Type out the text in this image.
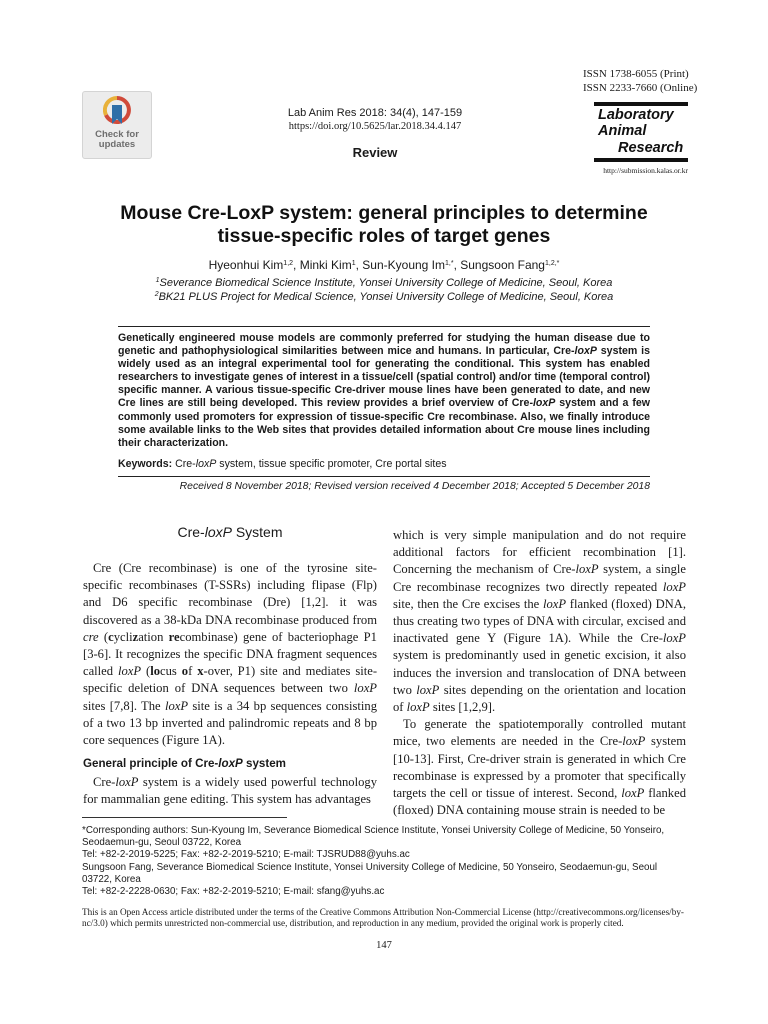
Check for
updates
Lab Anim Res 2018: 34(4), 147-159
https://doi.org/10.5625/lar.2018.34.4.147
Review
ISSN 1738-6055 (Print)
ISSN 2233-7660 (Online)
Laboratory
Animal
Research
http://submission.kalas.or.kr
Mouse Cre-LoxP system: general principles to determine
tissue-specific roles of target genes
Hyeonhui Kim$^{1,2}$, Minki Kim$^1$, Sun-Kyoung $Im^{1,*}$, Sungsoon Fang$^{1,2,*}$
$^1$Severance Biomedical Science Institute, Yonsei University College of Medicine, Seoul, Korea
$^2$BK21 PLUS Project for Medical Science, Yonsei University College of Medicine, Seoul, Korea
Genetically engineered mouse models are commonly preferred for studying the human disease due to genetic and pathophysiological similarities between mice and humans. In particular, Cre-loxP system is widely used as an integral experimental tool for generating the conditional. This system has enabled researchers to investigate genes of interest in a tissue/cell (spatial control) and/or time (temporal control) specific manner. A various tissue-specific Cre-driver mouse lines have been generated to date, and new Cre lines are still being developed. This review provides a brief overview of Cre-loxP system and a few commonly used promoters for expression of tissue-specific Cre recombinase. Also, we finally introduce some available links to the Web sites that provides detailed information about Cre mouse lines including their characterization.
Keywords: Cre-loxP system, tissue specific promoter, Cre portal sites
Received 8 November 2018; Revised version received 4 December 2018; Accepted 5 December 2018
Cre-loxP System

Cre (Cre recombinase) is one of the tyrosine site-specific recombinases (T-SSRs) including flipase (Flp) and D6 specific recombinase (Dre) [1,2]. it was discovered as a 38-kDa DNA recombinase produced from cre (cyclization recombinase) gene of bacteriophage P1 [3-6]. It recognizes the specific DNA fragment sequences called loxP (locus of x-over, P1) site and mediates site-specific deletion of DNA sequences between two loxP sites [7,8]. The loxP site is a 34 bp sequences consisting of a two 13 bp inverted and palindromic repeats and 8 bp core sequences (Figure 1A).

General principle of Cre-loxP system

Cre-loxP system is a widely used powerful technology for mammalian gene editing. This system has advantages

which is very simple manipulation and do not require additional factors for efficient recombination [1]. Concerning the mechanism of Cre-loxP system, a single Cre recombinase recognizes two directly repeated loxP site, then the Cre excises the loxP flanked (floxed) DNA, thus creating two types of DNA with circular, excised and inactivated gene Y (Figure 1A). While the Cre-loxP system is predominantly used in genetic excision, it also induces the inversion and translocation of DNA between two loxP sites depending on the orientation and location of loxP sites [1,2,9].

To generate the spatiotemporally controlled mutant mice, two elements are needed in the Cre-loxP system [10-13]. First, Cre-driver strain is generated in which Cre recombinase is expressed by a promoter that specifically targets the cell or tissue of interest. Second, loxP flanked (floxed) DNA containing mouse strain is needed to be

*Corresponding authors: Sun-Kyoung Im, Severance Biomedical Science Institute, Yonsei University College of Medicine, 50 Yonseiro, Seodaemun-gu, Seoul 03722, Korea
Tel: +82-2-2019-5225; Fax: +82-2-2019-5210; E-mail: TJSRUD88@yuhs.ac
Sungsoon Fang, Severance Biomedical Science Institute, Yonsei University College of Medicine, 50 Yonseiro, Seodaemun-gu, Seoul 03722, Korea
Tel: +82-2-2228-0630; Fax: +82-2-2019-5210; E-mail: sfang@yuhs.ac
This is an Open Access article distributed under the terms of the Creative Commons Attribution Non-Commercial License (http://creativecommons.org/licenses/by-nc/3.0) which permits unrestricted non-commercial use, distribution, and reproduction in any medium, provided the original work is properly cited.
147
